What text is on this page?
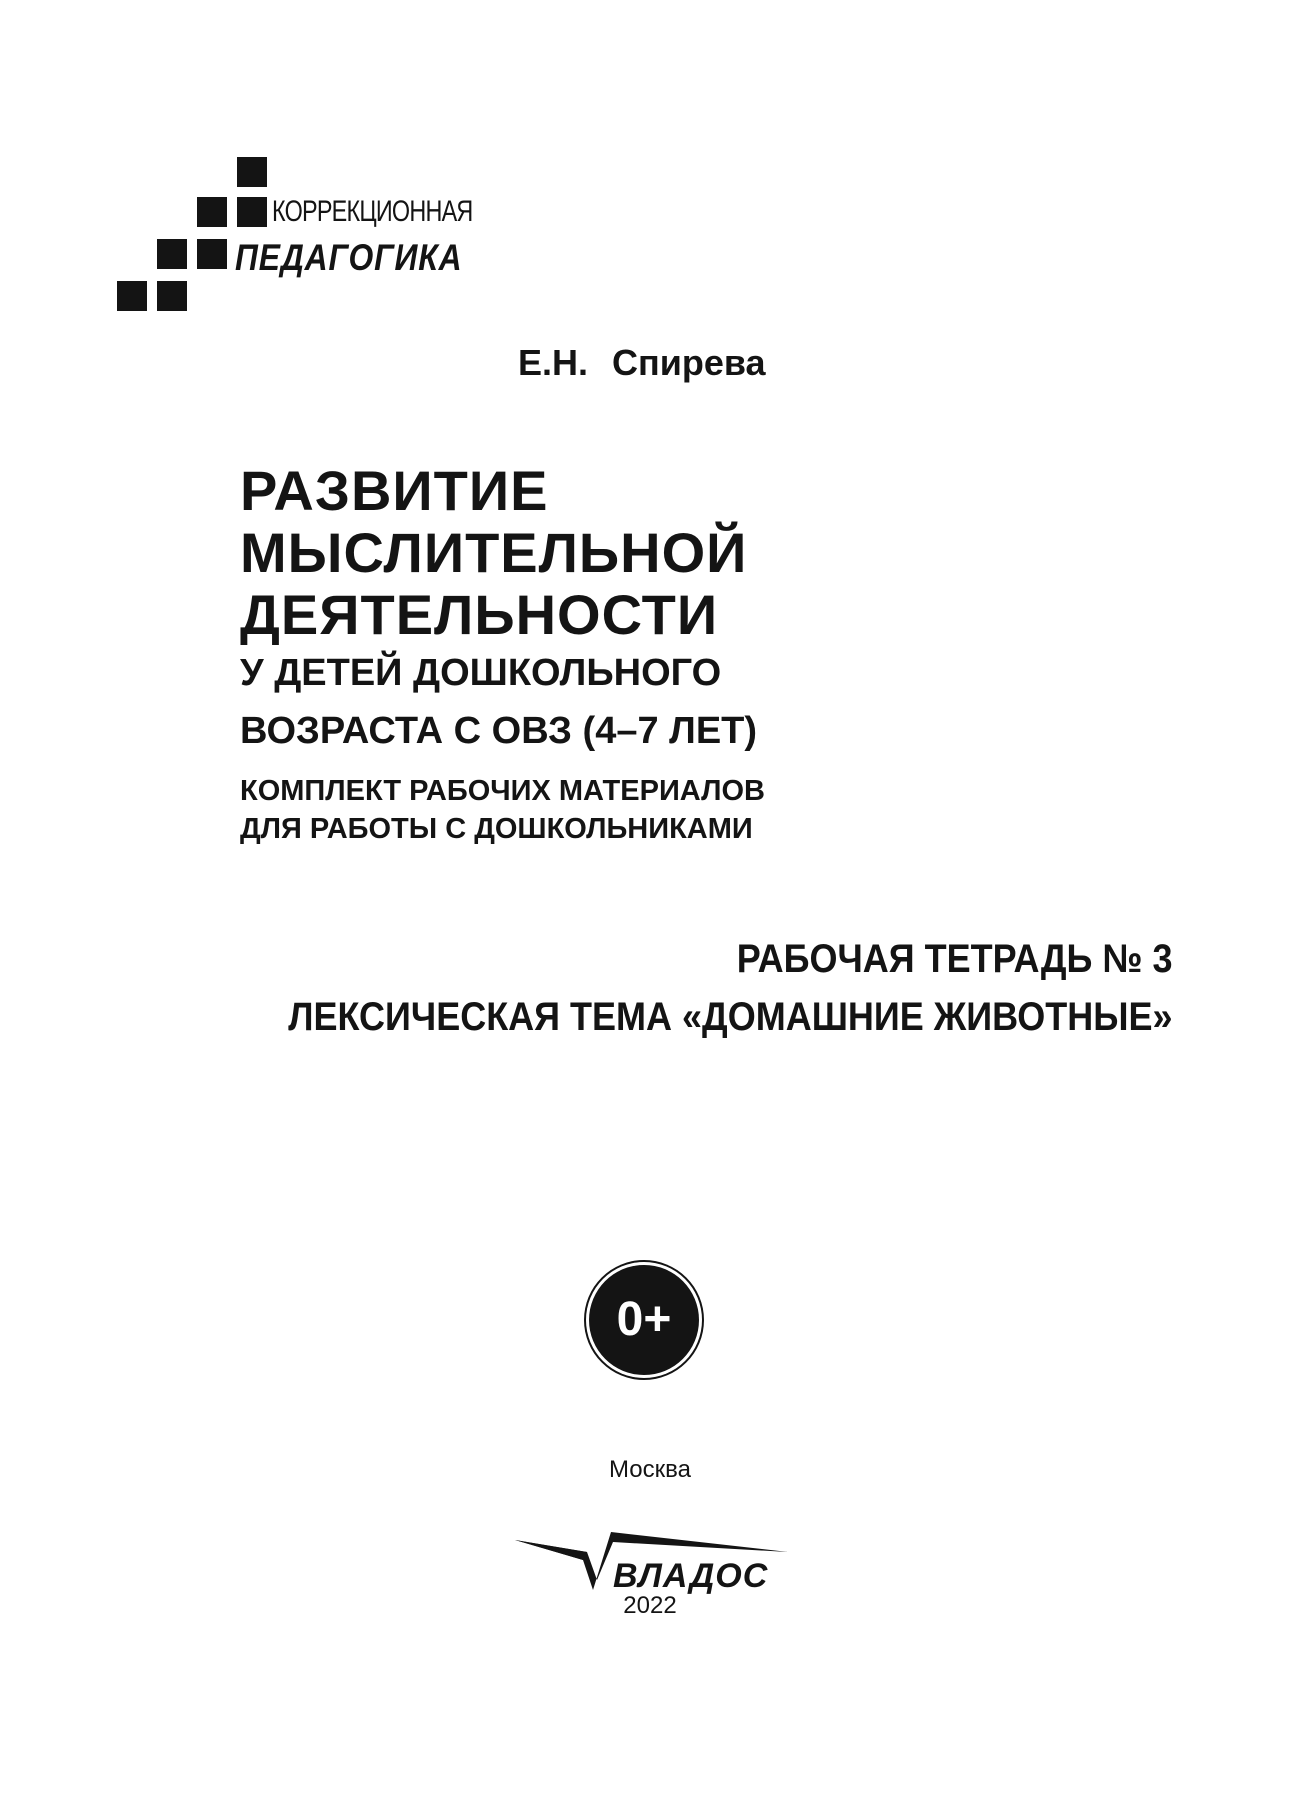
КОРРЕКЦИОННАЯ
ПЕДАГОГИКА
Е.Н. Спирева
РАЗВИТИЕ
МЫСЛИТЕЛЬНОЙ
ДЕЯТЕЛЬНОСТИ
У ДЕТЕЙ ДОШКОЛЬНОГО
ВОЗРАСТА С ОВЗ (4–7 ЛЕТ)
КОМПЛЕКТ РАБОЧИХ МАТЕРИАЛОВ
ДЛЯ РАБОТЫ С ДОШКОЛЬНИКАМИ
РАБОЧАЯ ТЕТРАДЬ № 3
ЛЕКСИЧЕСКАЯ ТЕМА «ДОМАШНИЕ ЖИВОТНЫЕ»
0+
Москва
ВЛАДОС
2022
